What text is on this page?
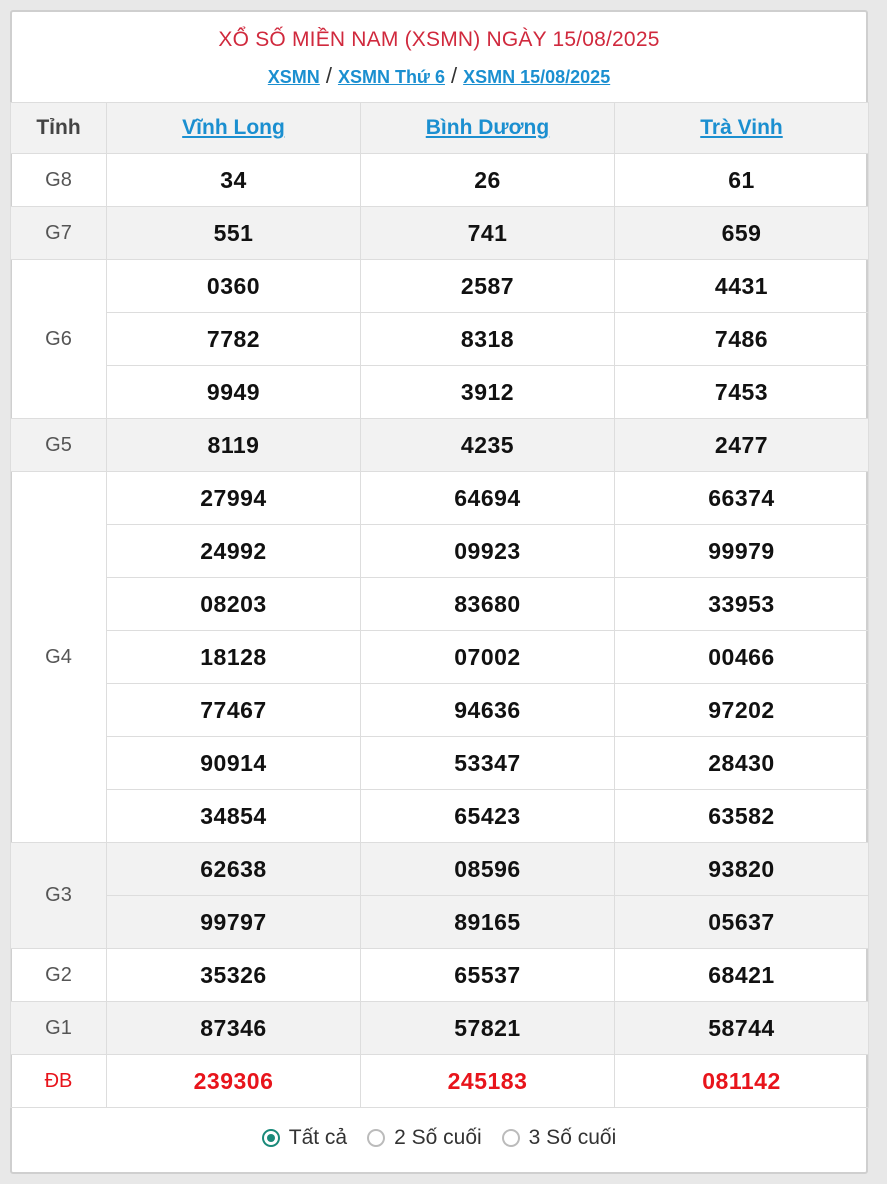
XỔ SỐ MIỀN NAM (XSMN) NGÀY 15/08/2025
XSMN / XSMN Thứ 6 / XSMN 15/08/2025
Tỉnh	Vĩnh Long	Bình Dương	Trà Vinh
G8	34	26	61
G7	551	741	659
G6	0360	2587	4431
	7782	8318	7486
	9949	3912	7453
G5	8119	4235	2477
G4	27994	64694	66374
	24992	09923	99979
	08203	83680	33953
	18128	07002	00466
	77467	94636	97202
	90914	53347	28430
	34854	65423	63582
G3	62638	08596	93820
	99797	89165	05637
G2	35326	65537	68421
G1	87346	57821	58744
ĐB	239306	245183	081142
Tất cả 2 Số cuối 3 Số cuối
